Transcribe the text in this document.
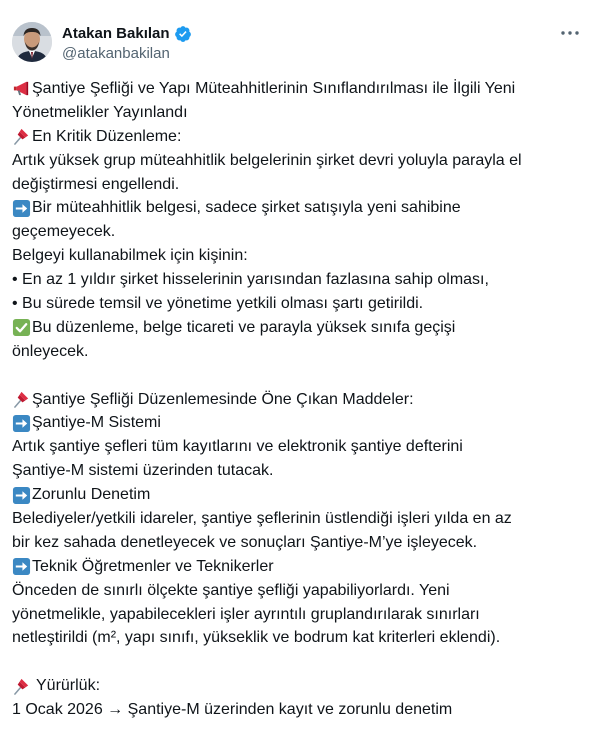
Atakan Bakılan
@atakanbakilan
Şantiye Şefliği ve Yapı Müteahhitlerinin Sınıflandırılması ile İlgili Yeni
Yönetmelikler Yayınlandı
En Kritik Düzenleme:
Artık yüksek grup müteahhitlik belgelerinin şirket devri yoluyla parayla el
değiştirmesi engellendi.
Bir müteahhitlik belgesi, sadece şirket satışıyla yeni sahibine
geçemeyecek.
Belgeyi kullanabilmek için kişinin:
• En az 1 yıldır şirket hisselerinin yarısından fazlasına sahip olması,
• Bu sürede temsil ve yönetime yetkili olması şartı getirildi.
Bu düzenleme, belge ticareti ve parayla yüksek sınıfa geçişi
önleyecek.
Şantiye Şefliği Düzenlemesinde Öne Çıkan Maddeler:
Şantiye-M Sistemi
Artık şantiye şefleri tüm kayıtlarını ve elektronik şantiye defterini
Şantiye-M sistemi üzerinden tutacak.
Zorunlu Denetim
Belediyeler/yetkili idareler, şantiye şeflerinin üstlendiği işleri yılda en az
bir kez sahada denetleyecek ve sonuçları Şantiye-M’ye işleyecek.
Teknik Öğretmenler ve Teknikerler
Önceden de sınırlı ölçekte şantiye şefliği yapabiliyorlardı. Yeni
yönetmelikle, yapabilecekleri işler ayrıntılı gruplandırılarak sınırları
netleştirildi (m², yapı sınıfı, yükseklik ve bodrum kat kriterleri eklendi).
Yürürlük:
1 Ocak 2026 → Şantiye-M üzerinden kayıt ve zorunlu denetim
